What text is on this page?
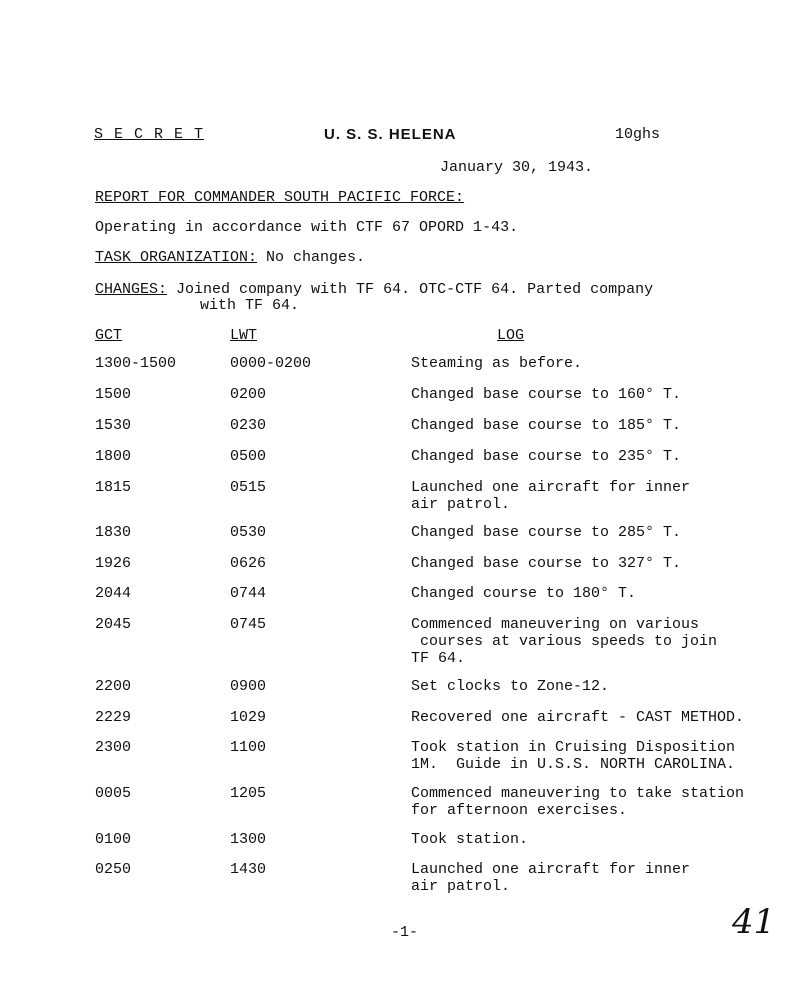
S E C R E T	U. S. S. HELENA	10ghs
January 30, 1943.
REPORT FOR COMMANDER SOUTH PACIFIC FORCE:
Operating in accordance with CTF 67 OPORD 1-43.
TASK ORGANIZATION: No changes.
CHANGES: Joined company with TF 64. OTC-CTF 64. Parted company
with TF 64.
GCT	LWT	LOG
1300-1500	0000-0200	Steaming as before.
1500	0200	Changed base course to 160° T.
1530	0230	Changed base course to 185° T.
1800	0500	Changed base course to 235° T.
1815	0515	Launched one aircraft for inner
air patrol.
1830	0530	Changed base course to 285° T.
1926	0626	Changed base course to 327° T.
2044	0744	Changed course to 180° T.
2045	0745	Commenced maneuvering on various
courses at various speeds to join
TF 64.
2200	0900	Set clocks to Zone-12.
2229	1029	Recovered one aircraft - CAST METHOD.
2300	1100	Took station in Cruising Disposition
1M.  Guide in U.S.S. NORTH CAROLINA.
0005	1205	Commenced maneuvering to take station
for afternoon exercises.
0100	1300	Took station.
0250	1430	Launched one aircraft for inner
air patrol.
-1-	41
